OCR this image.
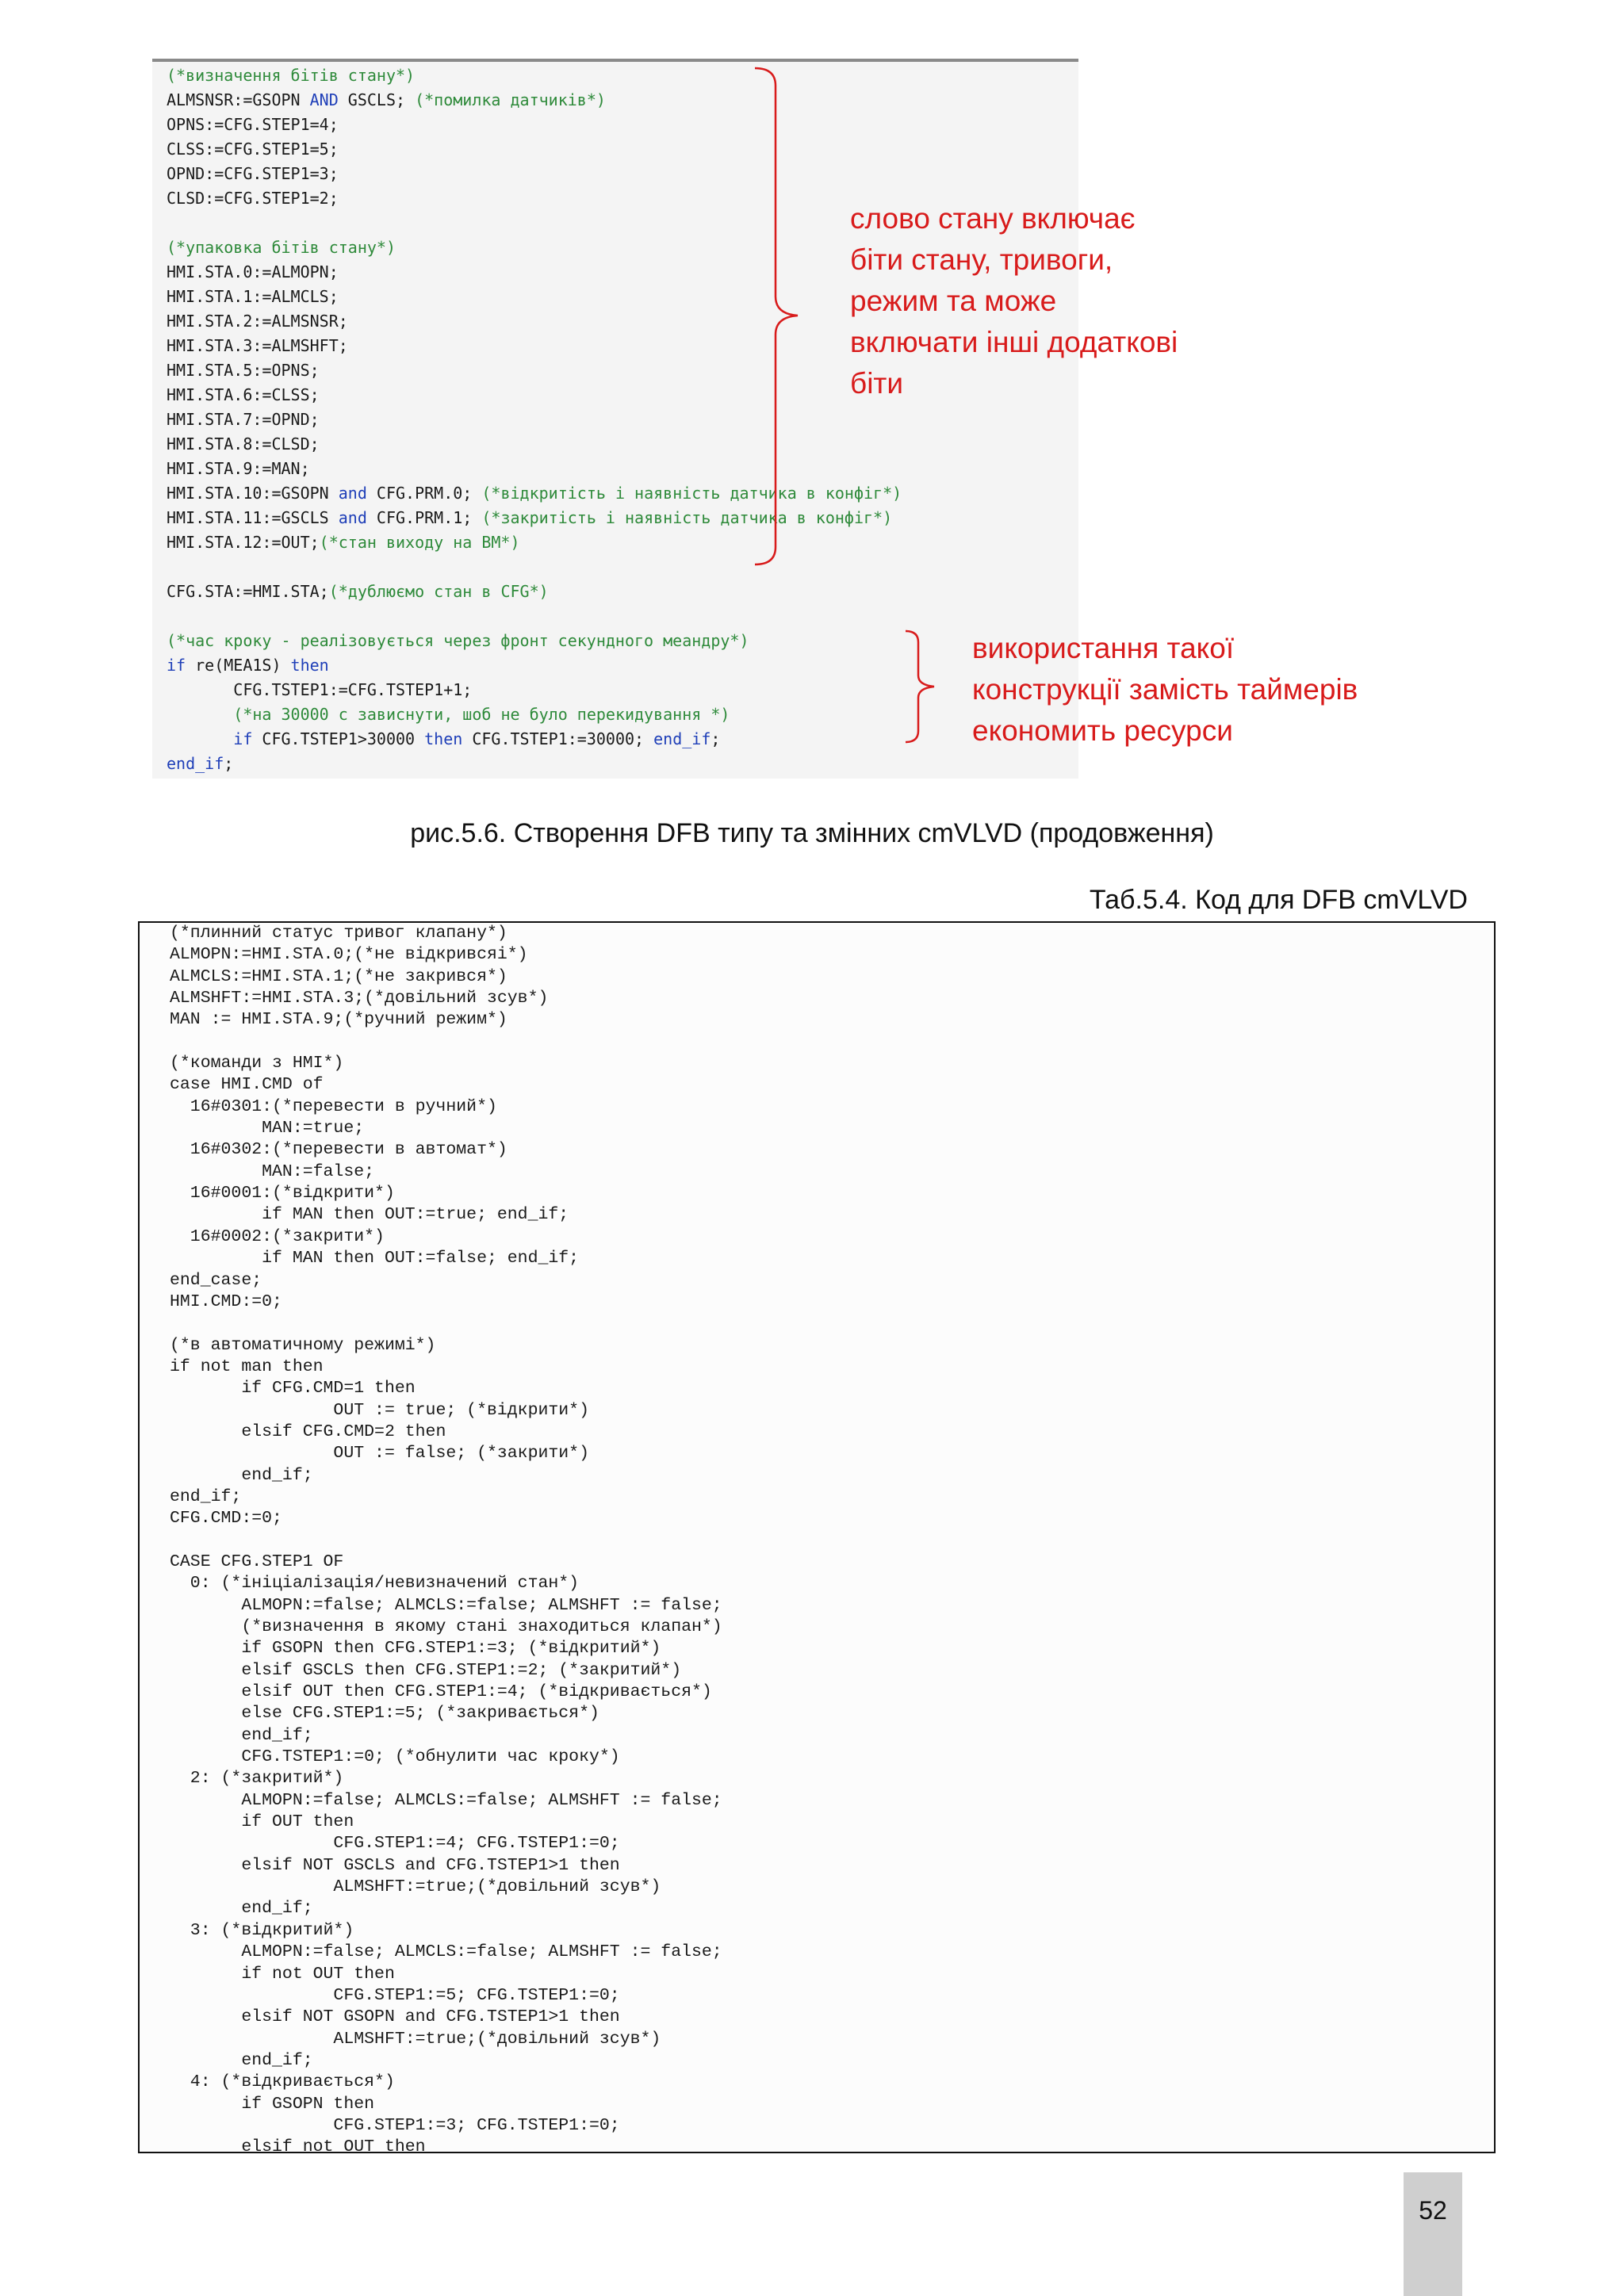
(*визначення бітів стану*)
ALMSNSR:=GSOPN AND GSCLS; (*помилка датчиків*)
OPNS:=CFG.STEP1=4;
CLSS:=CFG.STEP1=5;
OPND:=CFG.STEP1=3;
CLSD:=CFG.STEP1=2;
(*упаковка бітів стану*)
HMI.STA.0:=ALMOPN;
HMI.STA.1:=ALMCLS;
HMI.STA.2:=ALMSNSR;
HMI.STA.3:=ALMSHFT;
HMI.STA.5:=OPNS;
HMI.STA.6:=CLSS;
HMI.STA.7:=OPND;
HMI.STA.8:=CLSD;
HMI.STA.9:=MAN;
HMI.STA.10:=GSOPN and CFG.PRM.0; (*відкритість і наявність датчика в конфіг*)
HMI.STA.11:=GSCLS and CFG.PRM.1; (*закритість і наявність датчика в конфіг*)
HMI.STA.12:=OUT;(*стан виходу на ВМ*)
CFG.STA:=HMI.STA;(*дублюємо стан в CFG*)
(*час кроку - реалізовується через фронт секундного меандру*)
if re(MEA1S) then
CFG.TSTEP1:=CFG.TSTEP1+1;
(*на 30000 с зависнути, шоб не було перекидування *)
if CFG.TSTEP1>30000 then CFG.TSTEP1:=30000; end_if;
end_if;
слово стану включає
біти стану, тривоги,
режим та може
включати інші додаткові
біти
використання такої
конструкції замість таймерів
економить ресурси
рис.5.6. Створення DFB типу та змінних cmVLVD (продовження)
Таб.5.4. Код для DFB cmVLVD
(*плинний статус тривог клапану*)
ALMOPN:=HMI.STA.0;(*не відкривсяі*)
ALMCLS:=HMI.STA.1;(*не закрився*)
ALMSHFT:=HMI.STA.3;(*довільний зсув*)
MAN := HMI.STA.9;(*ручний режим*)
(*команди з HMI*)
case HMI.CMD of
16#0301:(*перевести в ручний*)
MAN:=true;
16#0302:(*перевести в автомат*)
MAN:=false;
16#0001:(*відкрити*)
if MAN then OUT:=true; end_if;
16#0002:(*закрити*)
if MAN then OUT:=false; end_if;
end_case;
HMI.CMD:=0;
(*в автоматичному режимі*)
if not man then
if CFG.CMD=1 then
OUT := true; (*відкрити*)
elsif CFG.CMD=2 then
OUT := false; (*закрити*)
end_if;
end_if;
CFG.CMD:=0;
CASE CFG.STEP1 OF
0: (*ініціалізація/невизначений стан*)
ALMOPN:=false; ALMCLS:=false; ALMSHFT := false;
(*визначення в якому стані знаходиться клапан*)
if GSOPN then CFG.STEP1:=3; (*відкритий*)
elsif GSCLS then CFG.STEP1:=2; (*закритий*)
elsif OUT then CFG.STEP1:=4; (*відкривається*)
else CFG.STEP1:=5; (*закривається*)
end_if;
CFG.TSTEP1:=0; (*обнулити час кроку*)
2: (*закритий*)
ALMOPN:=false; ALMCLS:=false; ALMSHFT := false;
if OUT then
CFG.STEP1:=4; CFG.TSTEP1:=0;
elsif NOT GSCLS and CFG.TSTEP1>1 then
ALMSHFT:=true;(*довільний зсув*)
end_if;
3: (*відкритий*)
ALMOPN:=false; ALMCLS:=false; ALMSHFT := false;
if not OUT then
CFG.STEP1:=5; CFG.TSTEP1:=0;
elsif NOT GSOPN and CFG.TSTEP1>1 then
ALMSHFT:=true;(*довільний зсув*)
end_if;
4: (*відкривається*)
if GSOPN then
CFG.STEP1:=3; CFG.TSTEP1:=0;
elsif not OUT then
52
